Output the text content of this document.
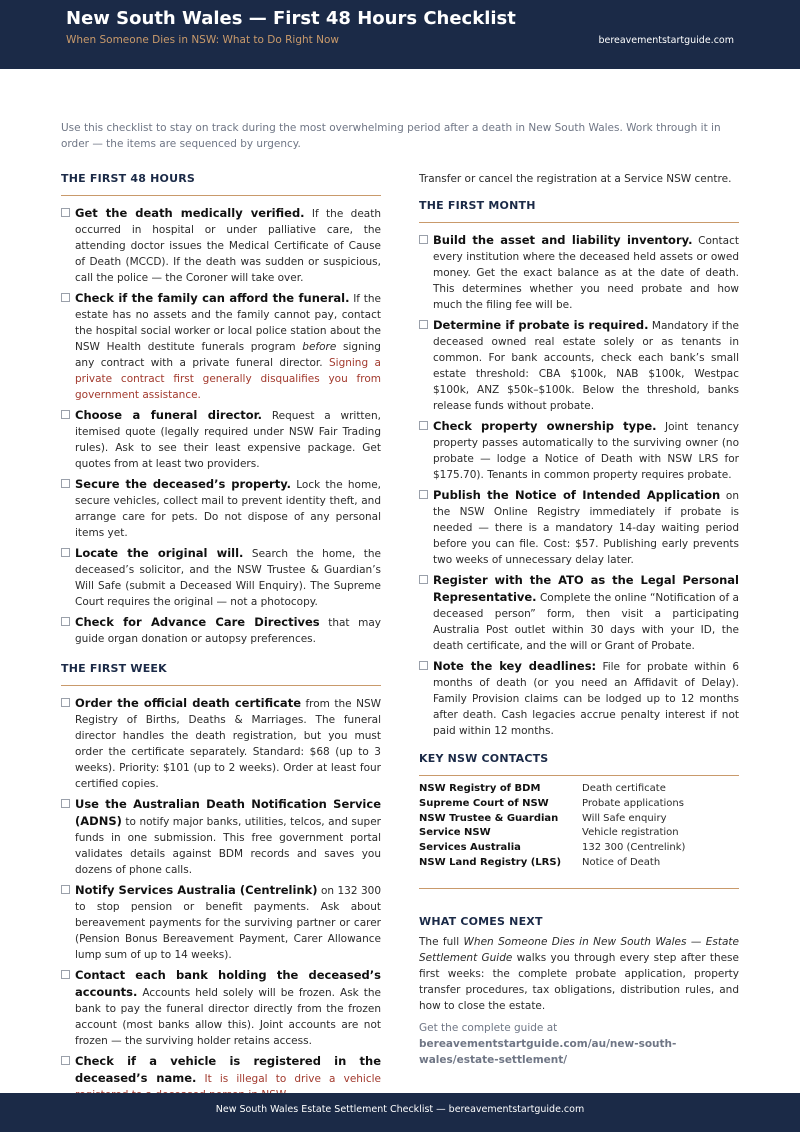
New South Wales — First 48 Hours Checklist
When Someone Dies in NSW: What to Do Right Now	bereavementstartguide.com
Use this checklist to stay on track during the most overwhelming period after a death in New South Wales. Work through it in order — the items are sequenced by urgency.
THE FIRST 48 HOURS
Get the death medically verified. If the death occurred in hospital or under palliative care, the attending doctor issues the Medical Certificate of Cause of Death (MCCD). If the death was sudden or suspicious, call the police — the Coroner will take over.
Check if the family can afford the funeral. If the estate has no assets and the family cannot pay, contact the hospital social worker or local police station about the NSW Health destitute funerals program before signing any contract with a private funeral director. Signing a private contract first generally disqualifies you from government assistance.
Choose a funeral director. Request a written, itemised quote (legally required under NSW Fair Trading rules). Ask to see their least expensive package. Get quotes from at least two providers.
Secure the deceased’s property. Lock the home, secure vehicles, collect mail to prevent identity theft, and arrange care for pets. Do not dispose of any personal items yet.
Locate the original will. Search the home, the deceased’s solicitor, and the NSW Trustee & Guardian’s Will Safe (submit a Deceased Will Enquiry). The Supreme Court requires the original — not a photocopy.
Check for Advance Care Directives that may guide organ donation or autopsy preferences.
THE FIRST WEEK
Order the official death certificate from the NSW Registry of Births, Deaths & Marriages. The funeral director handles the death registration, but you must order the certificate separately. Standard: $68 (up to 3 weeks). Priority: $101 (up to 2 weeks). Order at least four certified copies.
Use the Australian Death Notification Service (ADNS) to notify major banks, utilities, telcos, and super funds in one submission. This free government portal validates details against BDM records and saves you dozens of phone calls.
Notify Services Australia (Centrelink) on 132 300 to stop pension or benefit payments. Ask about bereavement payments for the surviving partner or carer (Pension Bonus Bereavement Payment, Carer Allowance lump sum of up to 14 weeks).
Contact each bank holding the deceased’s accounts. Accounts held solely will be frozen. Ask the bank to pay the funeral director directly from the frozen account (most banks allow this). Joint accounts are not frozen — the surviving holder retains access.
Check if a vehicle is registered in the deceased’s name. It is illegal to drive a vehicle
Transfer or cancel the registration at a Service NSW centre.
THE FIRST MONTH
Build the asset and liability inventory. Contact every institution where the deceased held assets or owed money. Get the exact balance as at the date of death. This determines whether you need probate and how much the filing fee will be.
Determine if probate is required. Mandatory if the deceased owned real estate solely or as tenants in common. For bank accounts, check each bank’s small estate threshold: CBA $100k, NAB $100k, Westpac $100k, ANZ $50k–$100k. Below the threshold, banks release funds without probate.
Check property ownership type. Joint tenancy property passes automatically to the surviving owner (no probate — lodge a Notice of Death with NSW LRS for $175.70). Tenants in common property requires probate.
Publish the Notice of Intended Application on the NSW Online Registry immediately if probate is needed — there is a mandatory 14-day waiting period before you can file. Cost: $57. Publishing early prevents two weeks of unnecessary delay later.
Register with the ATO as the Legal Personal Representative. Complete the online “Notification of a deceased person” form, then visit a participating Australia Post outlet within 30 days with your ID, the death certificate, and the will or Grant of Probate.
Note the key deadlines: File for probate within 6 months of death (or you need an Affidavit of Delay). Family Provision claims can be lodged up to 12 months after death. Cash legacies accrue penalty interest if not paid within 12 months.
KEY NSW CONTACTS
NSW Registry of BDM	Death certificate
Supreme Court of NSW	Probate applications
NSW Trustee & Guardian	Will Safe enquiry
Service NSW	Vehicle registration
Services Australia	132 300 (Centrelink)
NSW Land Registry (LRS)	Notice of Death
WHAT COMES NEXT
The full When Someone Dies in New South Wales — Estate Settlement Guide walks you through every step after these first weeks: the complete probate application, property transfer procedures, tax obligations, distribution rules, and how to close the estate.
Get the complete guide at
bereavementstartguide.com/au/new-south-wales/estate-settlement/
New South Wales Estate Settlement Checklist — bereavementstartguide.com
